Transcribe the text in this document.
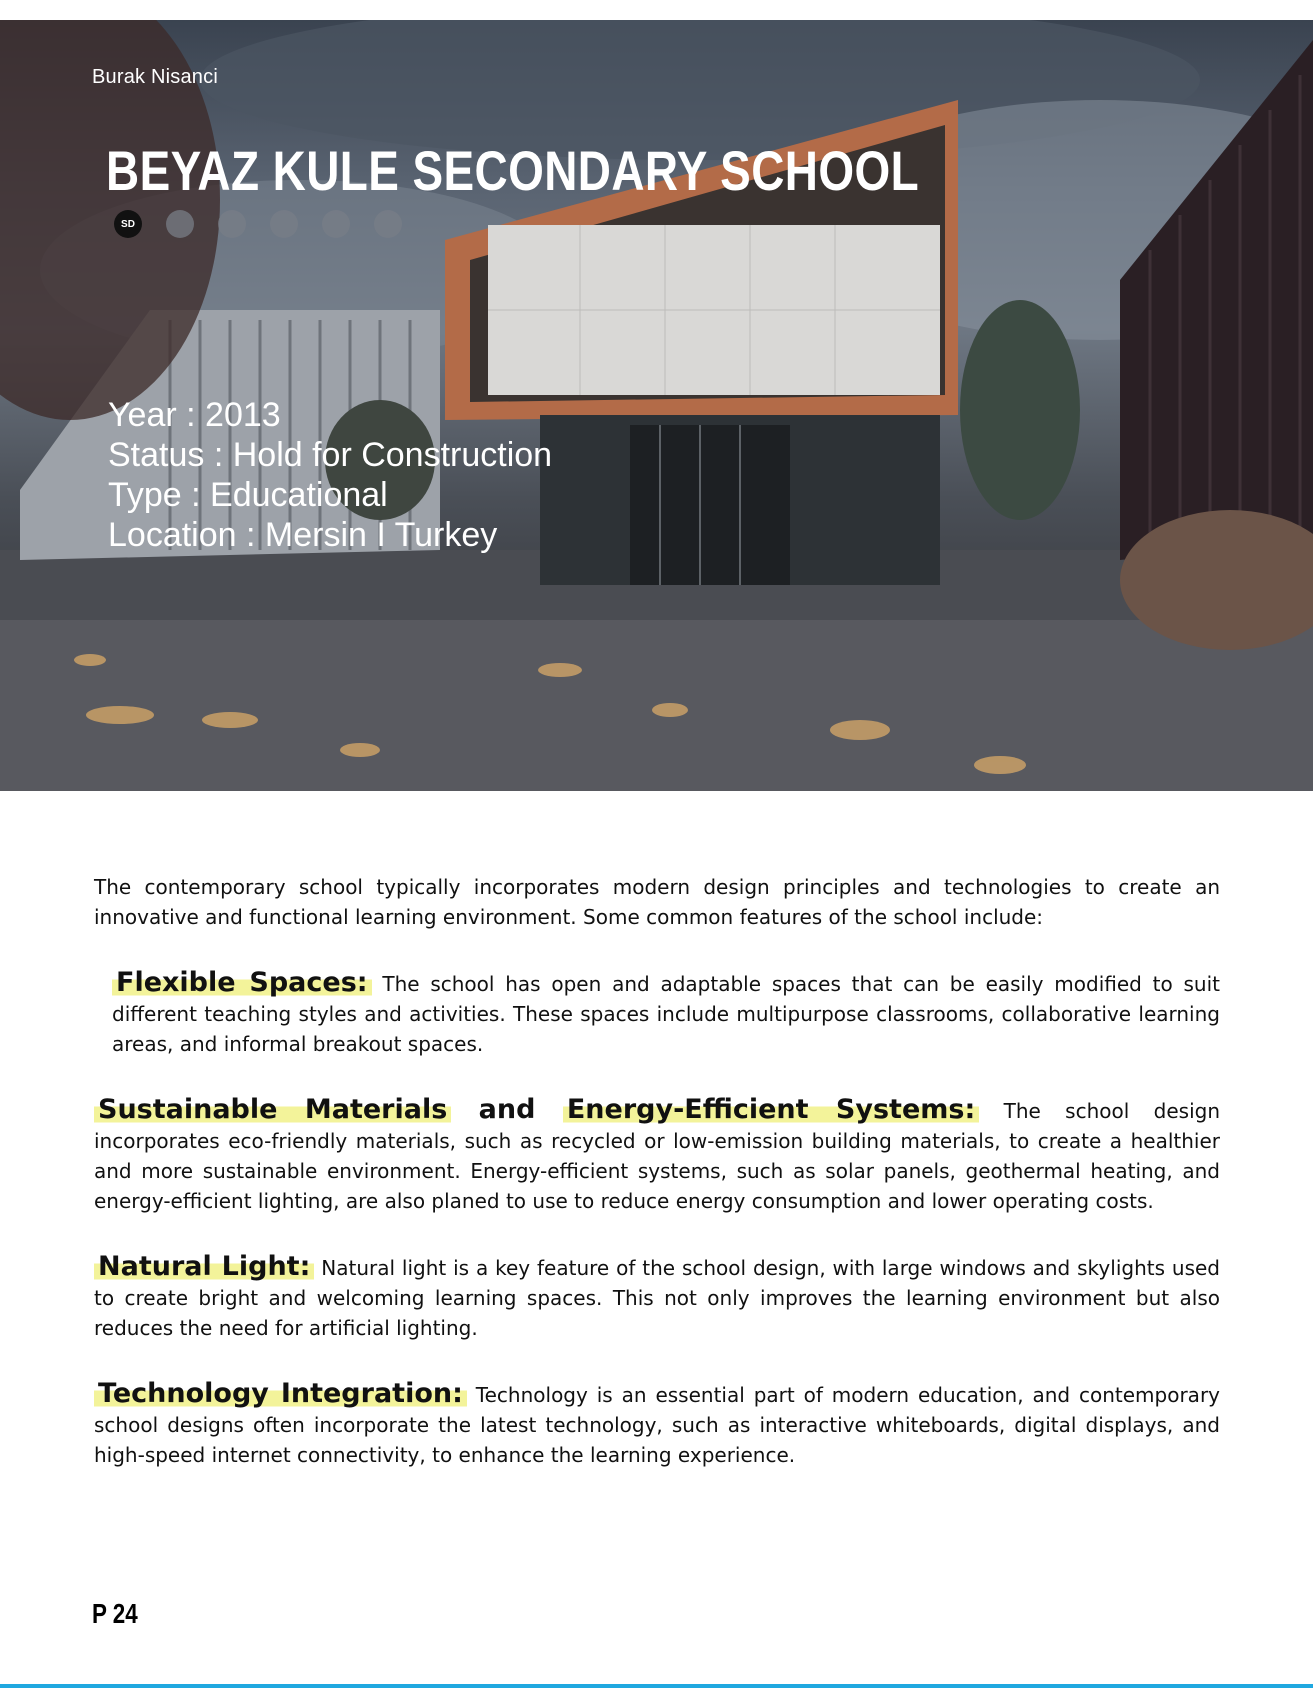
Burak Nisanci
BEYAZ KULE SECONDARY SCHOOL
SD
Year : 2013
Status : Hold for Construction
Type : Educational
Location : Mersin I Turkey

The contemporary school typically incorporates modern design principles and technologies to create an innovative and functional learning environment. Some common features of the school include:

Flexible Spaces: The school has open and adaptable spaces that can be easily modified to suit different teaching styles and activities. These spaces include multipurpose classrooms, collaborative learning areas, and informal breakout spaces.

Sustainable Materials and Energy-Efficient Systems: The school design incorporates eco-friendly materials, such as recycled or low-emission building materials, to create a healthier and more sustainable environment. Energy-efficient systems, such as solar panels, geothermal heating, and energy-efficient lighting, are also planed to use to reduce energy consumption and lower operating costs.

Natural Light: Natural light is a key feature of the school design, with large windows and skylights used to create bright and welcoming learning spaces. This not only improves the learning environment but also reduces the need for artificial lighting.

Technology Integration: Technology is an essential part of modern education, and contemporary school designs often incorporate the latest technology, such as interactive whiteboards, digital displays, and high-speed internet connectivity, to enhance the learning experience.

P 24
